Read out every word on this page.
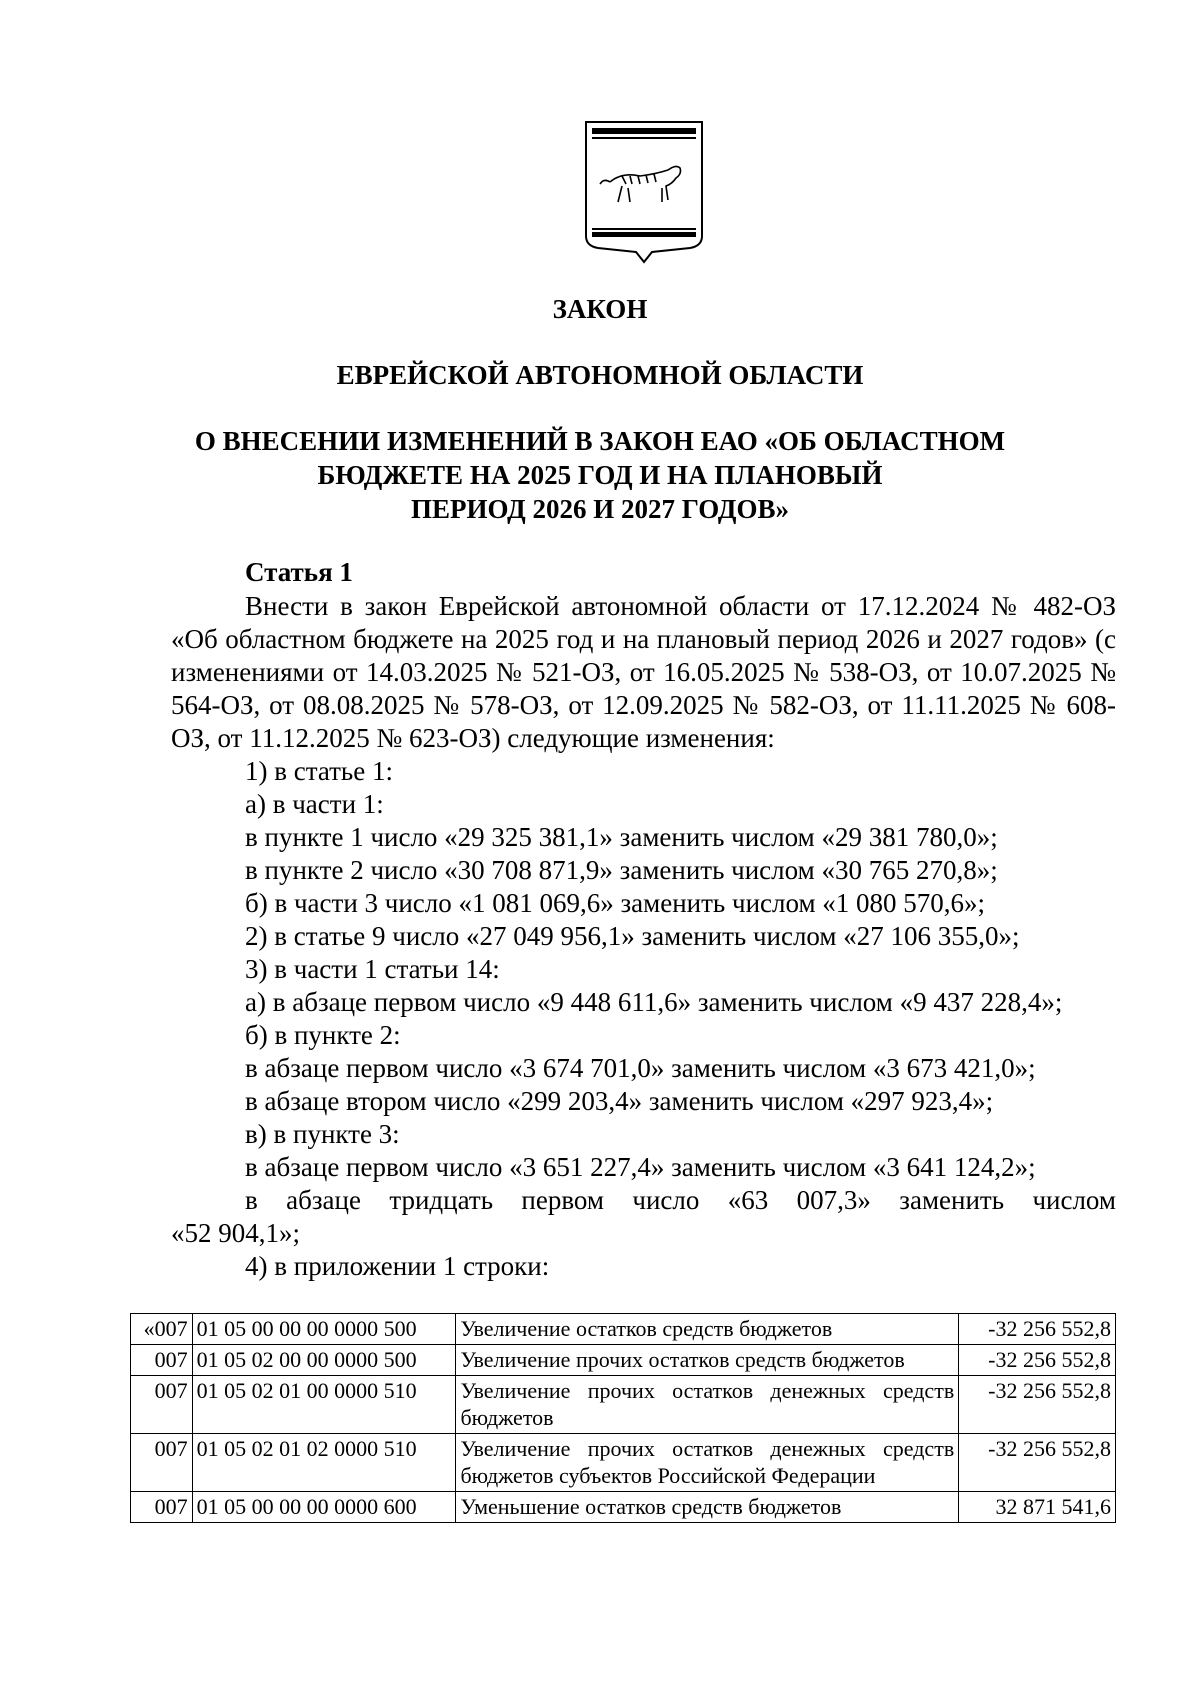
ЗАКОН
ЕВРЕЙСКОЙ АВТОНОМНОЙ ОБЛАСТИ
О ВНЕСЕНИИ ИЗМЕНЕНИЙ В ЗАКОН ЕАО «ОБ ОБЛАСТНОМ
БЮДЖЕТЕ НА 2025 ГОД И НА ПЛАНОВЫЙ
ПЕРИОД 2026 И 2027 ГОДОВ»
Статья 1

Внести в закон Еврейской автономной области от 17.12.2024 № 482-ОЗ «Об областном бюджете на 2025 год и на плановый период 2026 и 2027 годов» (с изменениями от 14.03.2025 № 521-ОЗ, от 16.05.2025 № 538-ОЗ, от 10.07.2025 № 564-ОЗ, от 08.08.2025 № 578-ОЗ, от 12.09.2025 № 582-ОЗ, от 11.11.2025 № 608-ОЗ, от 11.12.2025 № 623-ОЗ) следующие изменения:

1) в статье 1:

а) в части 1:

в пункте 1 число «29 325 381,1» заменить числом «29 381 780,0»;

в пункте 2 число «30 708 871,9» заменить числом «30 765 270,8»;

б) в части 3 число «1 081 069,6» заменить числом «1 080 570,6»;

2) в статье 9 число «27 049 956,1» заменить числом «27 106 355,0»;

3) в части 1 статьи 14:

а) в абзаце первом число «9 448 611,6» заменить числом «9 437 228,4»;

б) в пункте 2:

в абзаце первом число «3 674 701,0» заменить числом «3 673 421,0»;

в абзаце втором число «299 203,4» заменить числом «297 923,4»;

в) в пункте 3:

в абзаце первом число «3 651 227,4» заменить числом «3 641 124,2»;

в абзаце тридцать первом число «63 007,3» заменить числом

«52 904,1»;

4) в приложении 1 строки:

«007	01 05 00 00 00 0000 500	Увеличение остатков средств бюджетов	-32 256 552,8
007	01 05 02 00 00 0000 500	Увеличение прочих остатков средств бюджетов	-32 256 552,8
007	01 05 02 01 00 0000 510	Увеличение прочих остатков денежных средств бюджетов	-32 256 552,8
007	01 05 02 01 02 0000 510	Увеличение прочих остатков денежных средств бюджетов субъектов Российской Федерации	-32 256 552,8
007	01 05 00 00 00 0000 600	Уменьшение остатков средств бюджетов	32 871 541,6
